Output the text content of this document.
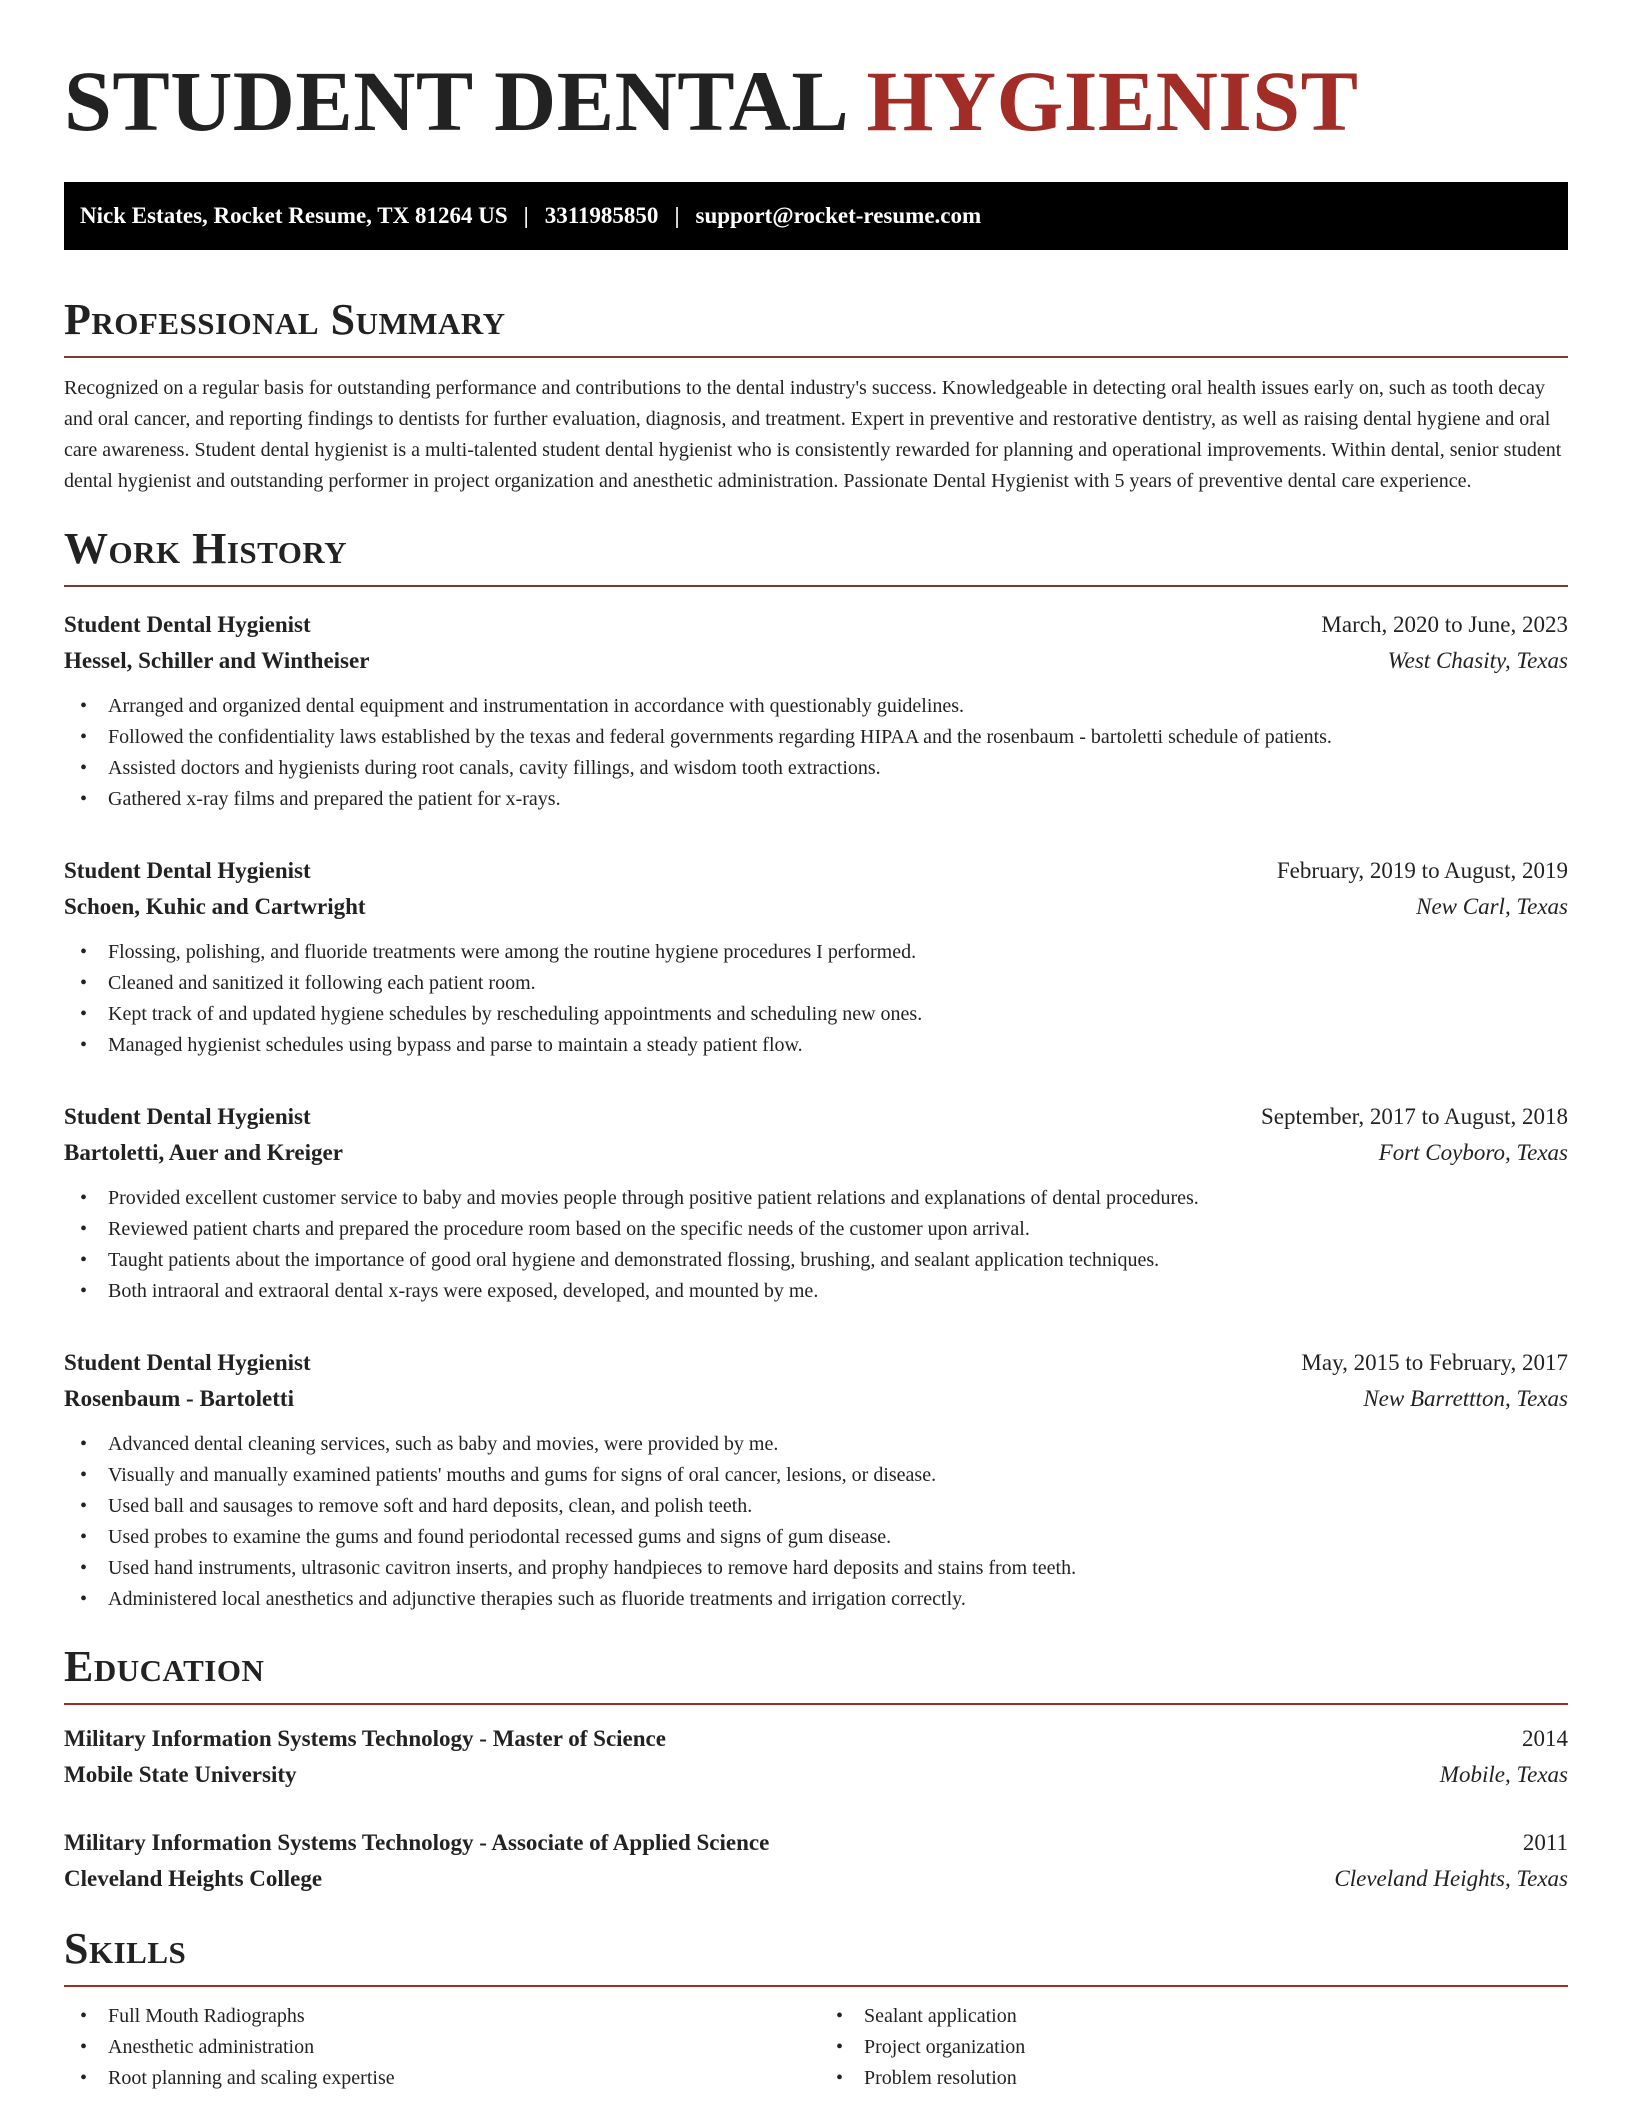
STUDENT DENTAL HYGIENIST
Nick Estates, Rocket Resume, TX 81264 US | 3311985850 | support@rocket-resume.com
Professional Summary

Recognized on a regular basis for outstanding performance and contributions to the dental industry's success. Knowledgeable in detecting oral health issues early on, such as tooth decay and oral cancer, and reporting findings to dentists for further evaluation, diagnosis, and treatment. Expert in preventive and restorative dentistry, as well as raising dental hygiene and oral care awareness. Student dental hygienist is a multi-talented student dental hygienist who is consistently rewarded for planning and operational improvements. Within dental, senior student dental hygienist and outstanding performer in project organization and anesthetic administration. Passionate Dental Hygienist with 5 years of preventive dental care experience.

Work History
Student Dental Hygienist	March, 2020 to June, 2023
Hessel, Schiller and Wintheiser	West Chasity, Texas
• Arranged and organized dental equipment and instrumentation in accordance with questionably guidelines.
• Followed the confidentiality laws established by the texas and federal governments regarding HIPAA and the rosenbaum - bartoletti schedule of patients.
• Assisted doctors and hygienists during root canals, cavity fillings, and wisdom tooth extractions.
• Gathered x-ray films and prepared the patient for x-rays.
Student Dental Hygienist	February, 2019 to August, 2019
Schoen, Kuhic and Cartwright	New Carl, Texas
• Flossing, polishing, and fluoride treatments were among the routine hygiene procedures I performed.
• Cleaned and sanitized it following each patient room.
• Kept track of and updated hygiene schedules by rescheduling appointments and scheduling new ones.
• Managed hygienist schedules using bypass and parse to maintain a steady patient flow.
Student Dental Hygienist	September, 2017 to August, 2018
Bartoletti, Auer and Kreiger	Fort Coyboro, Texas
• Provided excellent customer service to baby and movies people through positive patient relations and explanations of dental procedures.
• Reviewed patient charts and prepared the procedure room based on the specific needs of the customer upon arrival.
• Taught patients about the importance of good oral hygiene and demonstrated flossing, brushing, and sealant application techniques.
• Both intraoral and extraoral dental x-rays were exposed, developed, and mounted by me.
Student Dental Hygienist	May, 2015 to February, 2017
Rosenbaum - Bartoletti	New Barrettton, Texas
• Advanced dental cleaning services, such as baby and movies, were provided by me.
• Visually and manually examined patients' mouths and gums for signs of oral cancer, lesions, or disease.
• Used ball and sausages to remove soft and hard deposits, clean, and polish teeth.
• Used probes to examine the gums and found periodontal recessed gums and signs of gum disease.
• Used hand instruments, ultrasonic cavitron inserts, and prophy handpieces to remove hard deposits and stains from teeth.
• Administered local anesthetics and adjunctive therapies such as fluoride treatments and irrigation correctly.
Education
Military Information Systems Technology - Master of Science	2014
Mobile State University	Mobile, Texas
Military Information Systems Technology - Associate of Applied Science	2011
Cleveland Heights College	Cleveland Heights, Texas
Skills
• Full Mouth Radiographs
• Anesthetic administration
• Root planning and scaling expertise
• Sealant application
• Project organization
• Problem resolution
